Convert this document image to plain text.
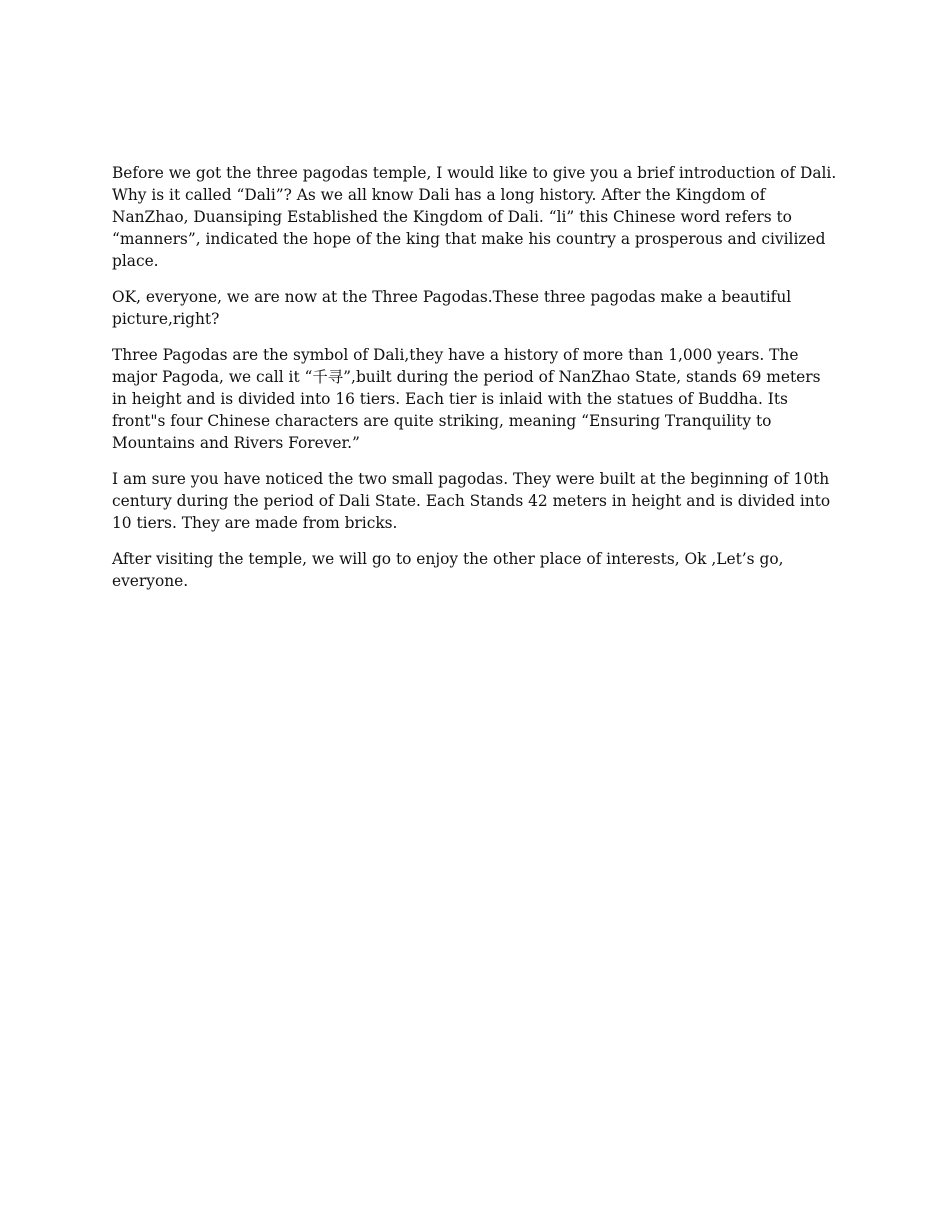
Before we got the three pagodas temple, I would like to give you a brief introduction of Dali. Why is it called “Dali”? As we all know Dali has a long history. After the Kingdom of NanZhao, Duansiping Established the Kingdom of Dali. “li” this Chinese word refers to “manners”, indicated the hope of the king that make his country a prosperous and civilized place.

OK, everyone, we are now at the Three Pagodas.These three pagodas make a beautiful picture,right?

Three Pagodas are the symbol of Dali,they have a history of more than 1,000 years. The major Pagoda, we call it “千寻”,built during the period of NanZhao State, stands 69 meters in height and is divided into 16 tiers. Each tier is inlaid with the statues of Buddha. Its front"s four Chinese characters are quite striking, meaning “Ensuring Tranquility to Mountains and Rivers Forever.”

I am sure you have noticed the two small pagodas. They were built at the beginning of 10th century during the period of Dali State. Each Stands 42 meters in height and is divided into 10 tiers. They are made from bricks.

After visiting the temple, we will go to enjoy the other place of interests, Ok ,Let’s go, everyone.
